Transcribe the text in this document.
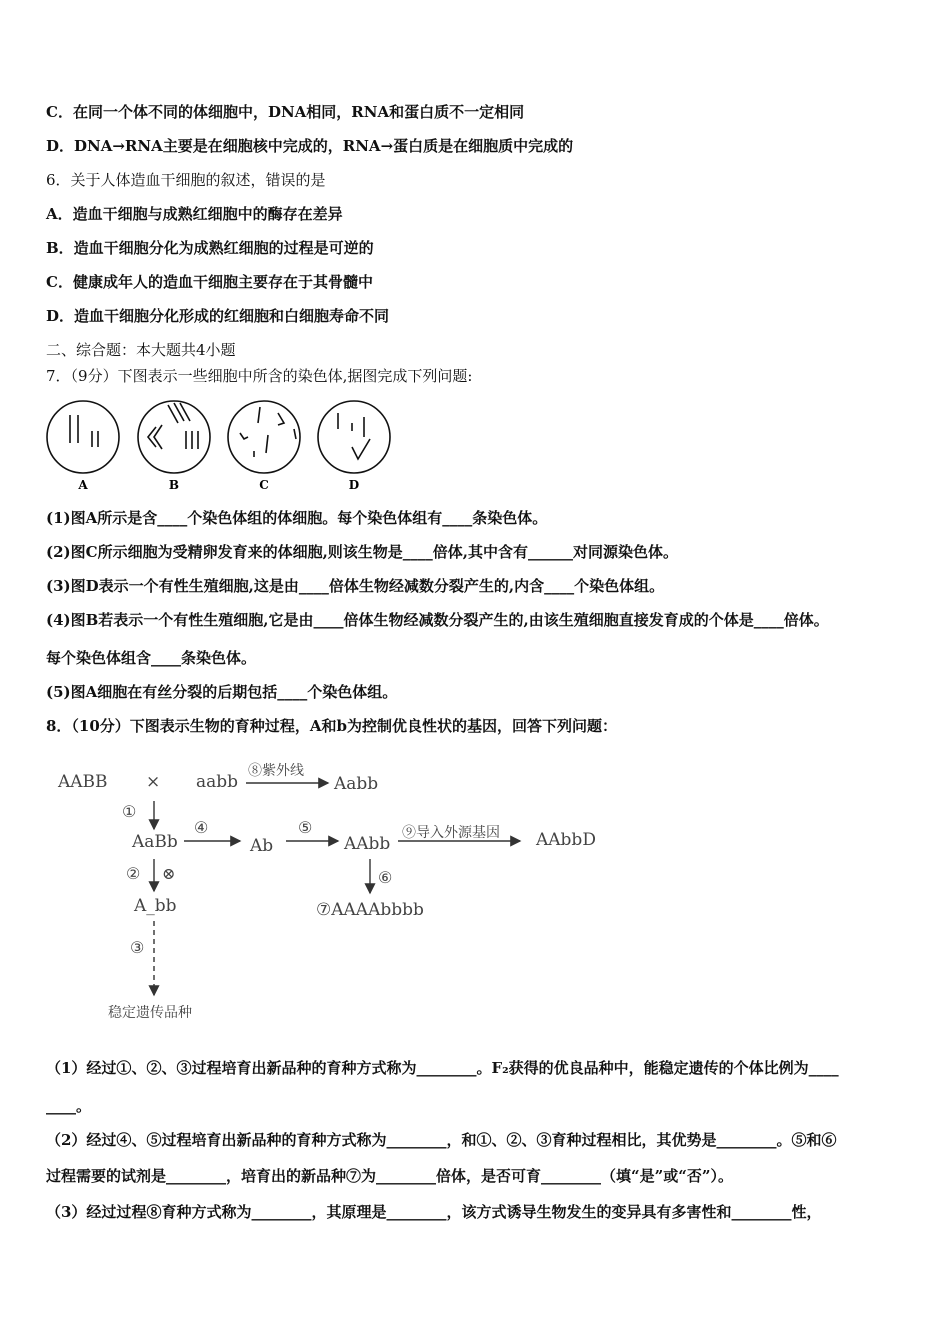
C．在同一个体不同的体细胞中，DNA相同，RNA和蛋白质不一定相同
D．DNA→RNA主要是在细胞核中完成的，RNA→蛋白质是在细胞质中完成的
6．关于人体造血干细胞的叙述，错误的是
A．造血干细胞与成熟红细胞中的酶存在差异
B．造血干细胞分化为成熟红细胞的过程是可逆的
C．健康成年人的造血干细胞主要存在于其骨髓中
D．造血干细胞分化形成的红细胞和白细胞寿命不同
二、综合题：本大题共4小题
7．（9分）下图表示一些细胞中所含的染色体,据图完成下列问题:
A	B	C	D
(1)图A所示是含____个染色体组的体细胞。每个染色体组有____条染色体。
(2)图C所示细胞为受精卵发育来的体细胞,则该生物是____倍体,其中含有______对同源染色体。
(3)图D表示一个有性生殖细胞,这是由____倍体生物经减数分裂产生的,内含____个染色体组。
(4)图B若表示一个有性生殖细胞,它是由____倍体生物经减数分裂产生的,由该生殖细胞直接发育成的个体是____倍体。
每个染色体组含____条染色体。
(5)图A细胞在有丝分裂的后期包括____个染色体组。
8．（10分）下图表示生物的育种过程，A和b为控制优良性状的基因，回答下列问题：
AABB × aabb
⑧紫外线
Aabb
①
AaBb
④
Ab
⑤
AAbb
⑨导入外源基因 AAbbD
② ⊗	⑥
A_bb	⑦AAAAbbbb
③
稳定遗传品种
（1）经过①、②、③过程培育出新品种的育种方式称为________。F₂获得的优良品种中，能稳定遗传的个体比例为____
____。
（2）经过④、⑤过程培育出新品种的育种方式称为________，和①、②、③育种过程相比，其优势是________。⑤和⑥
过程需要的试剂是________，培育出的新品种⑦为________倍体，是否可育________（填“是”或“否”）。
（3）经过过程⑧育种方式称为________，其原理是________，该方式诱导生物发生的变异具有多害性和________性，
